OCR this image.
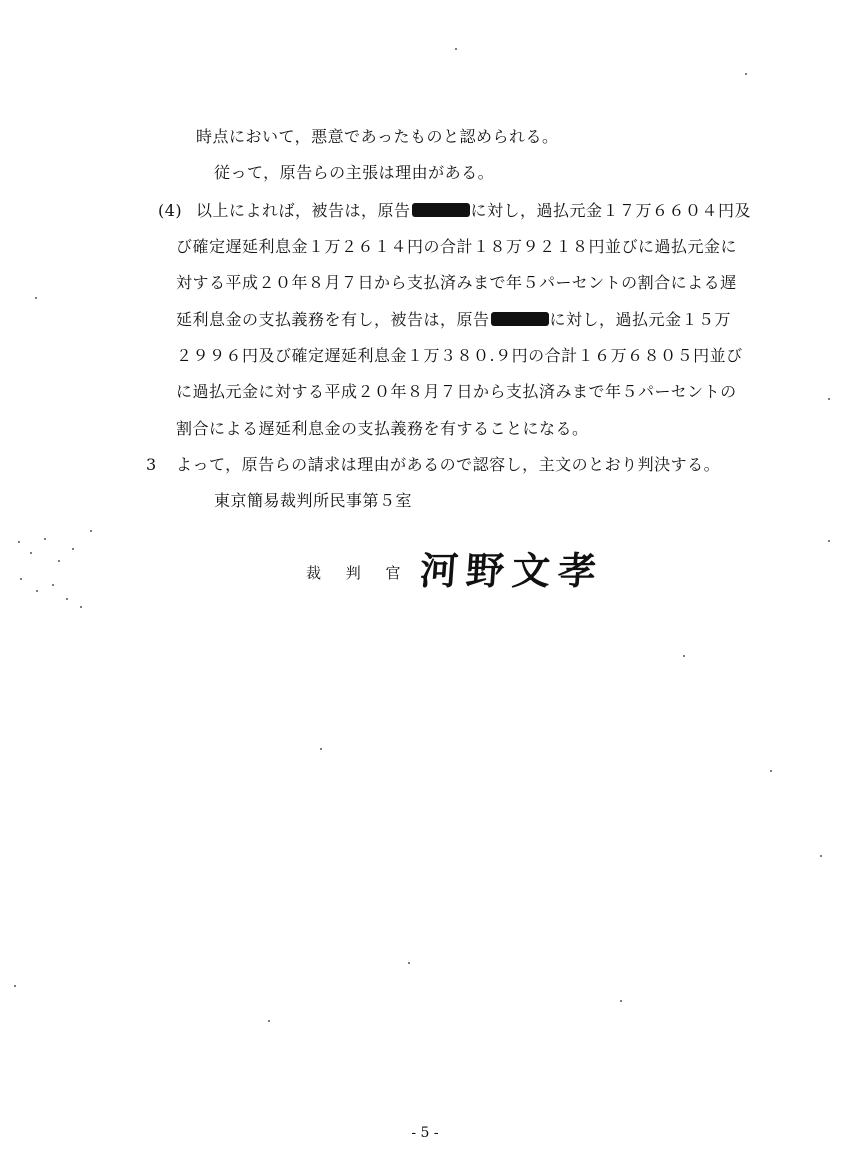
時点において，悪意であったものと認められる。
従って，原告らの主張は理由がある。
(4) 以上によれば，被告は，原告	に対し，過払元金１７万６６０４円及
び確定遅延利息金１万２６１４円の合計１８万９２１８円並びに過払元金に
対する平成２０年８月７日から支払済みまで年５パーセントの割合による遅
延利息金の支払義務を有し，被告は，原告	に対し，過払元金１５万
２９９６円及び確定遅延利息金１万３８０.９円の合計１６万６８０５円並び
に過払元金に対する平成２０年８月７日から支払済みまで年５パーセントの
割合による遅延利息金の支払義務を有することになる。
3 よって，原告らの請求は理由があるので認容し，主文のとおり判決する。
東京簡易裁判所民事第５室
裁 判 官 河野文孝
- 5 -
